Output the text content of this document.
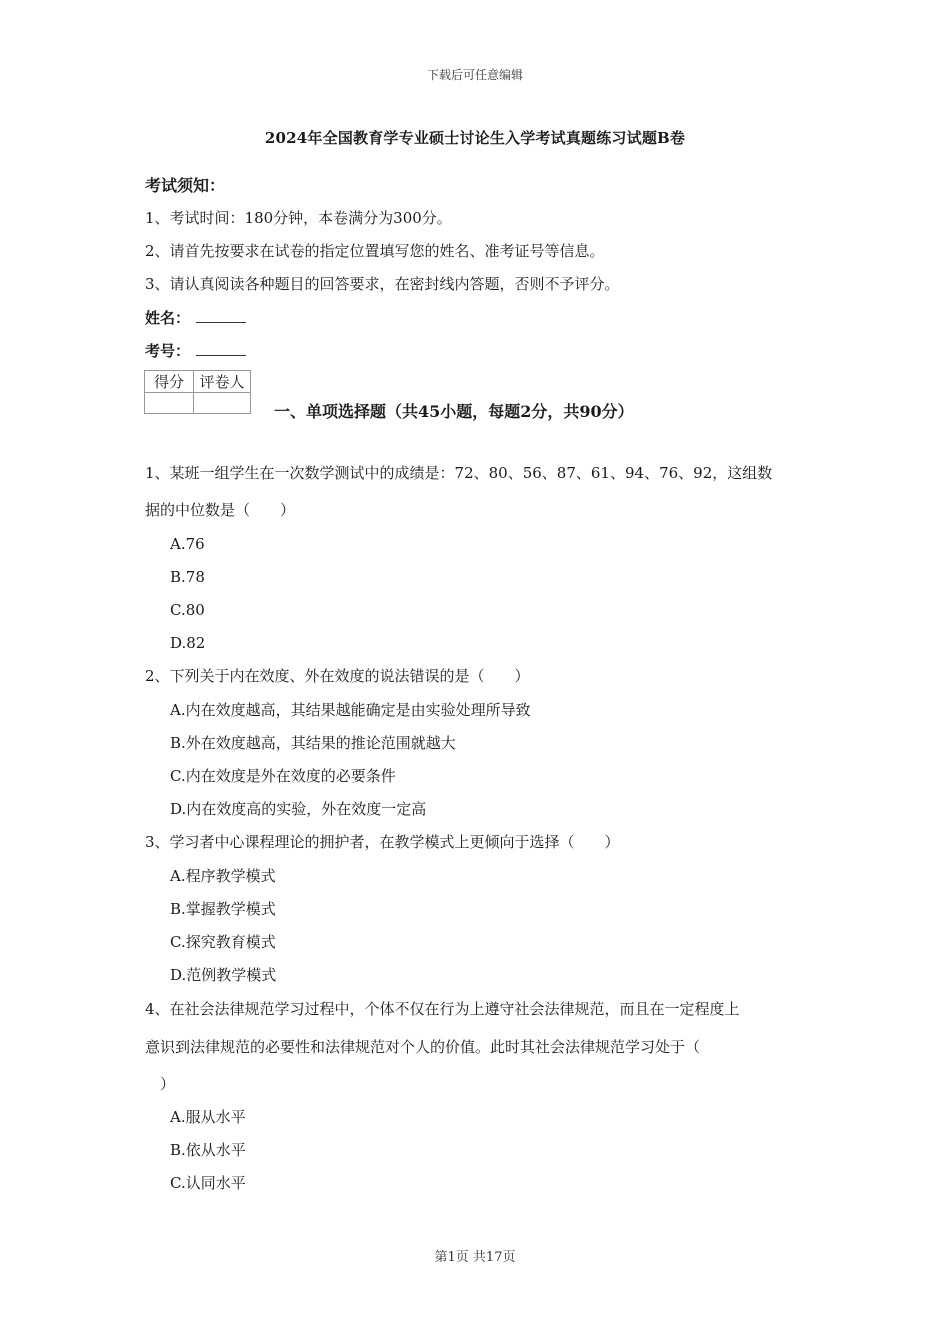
下载后可任意编辑
2024年全国教育学专业硕士讨论生入学考试真题练习试题B卷
考试须知：
1、考试时间：180分钟，本卷满分为300分。
2、请首先按要求在试卷的指定位置填写您的姓名、准考证号等信息。
3、请认真阅读各种题目的回答要求，在密封线内答题，否则不予评分。
姓名：
考号：
得分	评卷人

一、单项选择题（共45小题，每题2分，共90分）
1、某班一组学生在一次数学测试中的成绩是：72、80、56、87、61、94、76、92，这组数
据的中位数是（　　）
A.76
B.78
C.80
D.82
2、下列关于内在效度、外在效度的说法错误的是（　　）
A.内在效度越高，其结果越能确定是由实验处理所导致
B.外在效度越高，其结果的推论范围就越大
C.内在效度是外在效度的必要条件
D.内在效度高的实验，外在效度一定高
3、学习者中心课程理论的拥护者，在教学模式上更倾向于选择（　　）
A.程序教学模式
B.掌握教学模式
C.探究教育模式
D.范例教学模式
4、在社会法律规范学习过程中，个体不仅在行为上遵守社会法律规范，而且在一定程度上
意识到法律规范的必要性和法律规范对个人的价值。此时其社会法律规范学习处于（
　）
A.服从水平
B.依从水平
C.认同水平
第1页 共17页
